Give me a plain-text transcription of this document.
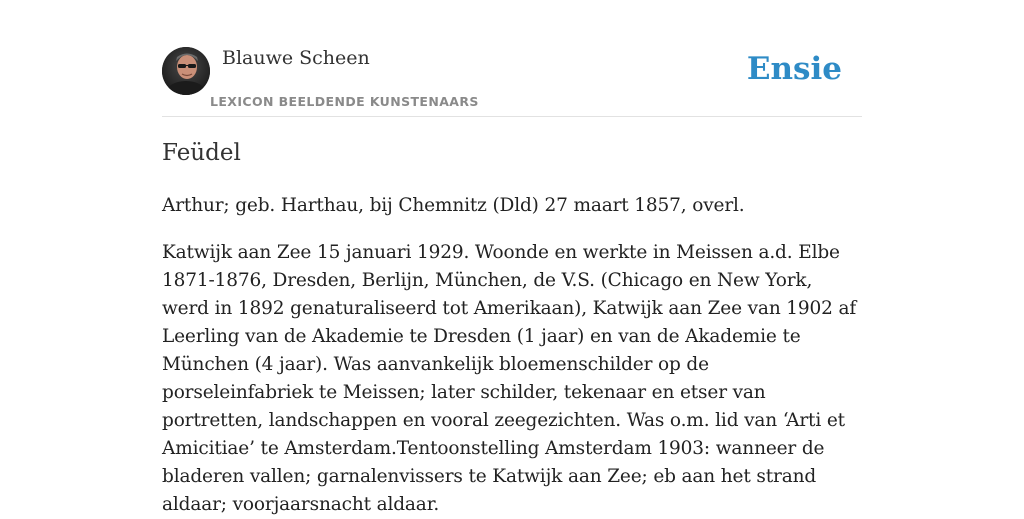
Blauwe Scheen
LEXICON BEELDENDE KUNSTENAARS
Ensie
Feüdel

Arthur; geb. Harthau, bij Chemnitz (Dld) 27 maart 1857, overl.

Katwijk aan Zee 15 januari 1929. Woonde en werkte in Meissen a.d. Elbe 1871-1876, Dresden, Berlijn, München, de V.S. (Chicago en New York, werd in 1892 genaturaliseerd tot Amerikaan), Katwijk aan Zee van 1902 af Leerling van de Akademie te Dresden (1 jaar) en van de Akademie te München (4 jaar). Was aanvankelijk bloemenschilder op de porseleinfabriek te Meissen; later schilder, tekenaar en etser van portretten, landschappen en vooral zeegezichten. Was o.m. lid van ‘Arti et Amicitiae’ te Amsterdam.Tentoonstelling Amsterdam 1903: wanneer de bladeren vallen; garnalenvissers te Katwijk aan Zee; eb aan het strand aldaar; voorjaarsnacht aldaar.
